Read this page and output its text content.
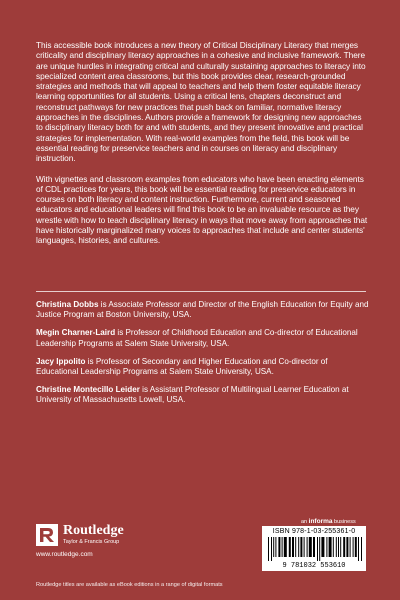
This accessible book introduces a new theory of Critical Disciplinary Literacy that merges criticality and disciplinary literacy approaches in a cohesive and inclusive framework. There are unique hurdles in integrating critical and culturally sustaining approaches to literacy into specialized content area classrooms, but this book provides clear, research-grounded strategies and methods that will appeal to teachers and help them foster equitable literacy learning opportunities for all students. Using a critical lens, chapters deconstruct and reconstruct pathways for new practices that push back on familiar, normative literacy approaches in the disciplines. Authors provide a framework for designing new approaches to disciplinary literacy both for and with students, and they present innovative and practical strategies for implementation. With real-world examples from the field, this book will be essential reading for preservice teachers and in courses on literacy and disciplinary instruction.

With vignettes and classroom examples from educators who have been enacting elements of CDL practices for years, this book will be essential reading for preservice educators in courses on both literacy and content instruction. Furthermore, current and seasoned educators and educational leaders will find this book to be an invaluable resource as they wrestle with how to teach disciplinary literacy in ways that move away from approaches that have historically marginalized many voices to approaches that include and center students' languages, histories, and cultures.

Christina Dobbs is Associate Professor and Director of the English Education for Equity and Justice Program at Boston University, USA.

Megin Charner-Laird is Professor of Childhood Education and Co-director of Educational Leadership Programs at Salem State University, USA.

Jacy Ippolito is Professor of Secondary and Higher Education and Co-director of Educational Leadership Programs at Salem State University, USA.

Christine Montecillo Leider is Assistant Professor of Multilingual Learner Education at University of Massachusetts Lowell, USA.

Routledge
Taylor & Francis Group
www.routledge.com
an informa business
ISBN 978-1-03-255361-0
9 781032 553610
Routledge titles are available as eBook editions in a range of digital formats
